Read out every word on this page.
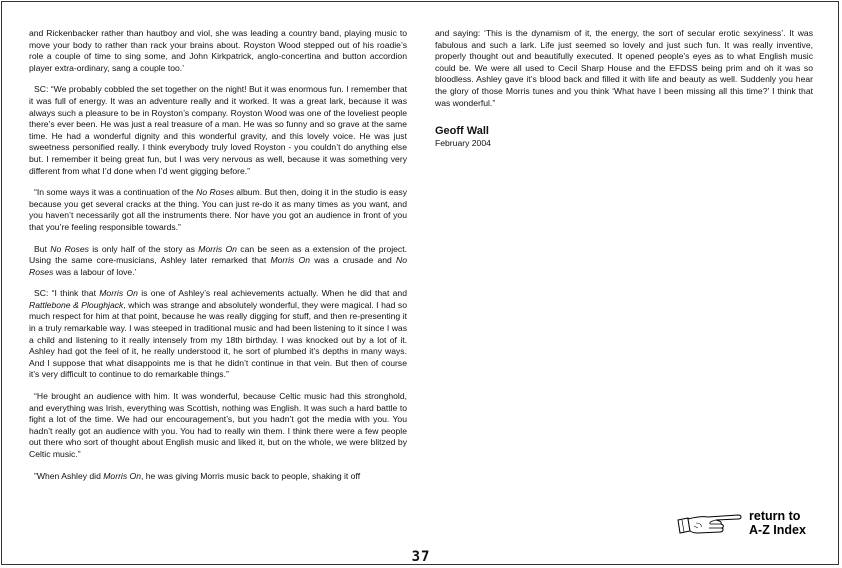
and Rickenbacker rather than hautboy and viol, she was leading a country band, playing music to move your body to rather than rack your brains about. Royston Wood stepped out of his roadie’s role a couple of time to sing some, and John Kirkpatrick, anglo-concertina and button accordion player extra-ordinary, sang a couple too.’

SC: “We probably cobbled the set together on the night! But it was enormous fun. I remember that it was full of energy. It was an adventure really and it worked. It was a great lark, because it was always such a pleasure to be in Royston’s company. Royston Wood was one of the loveliest people there’s ever been. He was just a real treasure of a man. He was so funny and so grave at the same time. He had a wonderful dignity and this wonderful gravity, and this lovely voice. He was just sweetness personified really. I think everybody truly loved Royston - you couldn’t do anything else but. I remember it being great fun, but I was very nervous as well, because it was something very different from what I’d done when I’d went gigging before.”

“In some ways it was a continuation of the No Roses album. But then, doing it in the studio is easy because you get several cracks at the thing. You can just re-do it as many times as you want, and you haven’t necessarily got all the instruments there. Nor have you got an audience in front of you that you’re feeling responsible towards.”

But No Roses is only half of the story as Morris On can be seen as a extension of the project. Using the same core-musicians, Ashley later remarked that Morris On was a crusade and No Roses was a labour of love.’

SC: “I think that Morris On is one of Ashley’s real achievements actually. When he did that and Rattlebone & Ploughjack, which was strange and absolutely wonderful, they were magical. I had so much respect for him at that point, because he was really digging for stuff, and then re-presenting it in a truly remarkable way. I was steeped in traditional music and had been listening to it since I was a child and listening to it really intensely from my 18th birthday. I was knocked out by a lot of it. Ashley had got the feel of it, he really understood it, he sort of plumbed it’s depths in many ways. And I suppose that what disappoints me is that he didn’t continue in that vein. But then of course it’s very difficult to continue to do remarkable things.”

“He brought an audience with him. It was wonderful, because Celtic music had this stronghold, and everything was Irish, everything was Scottish, nothing was English. It was such a hard battle to fight a lot of the time. We had our encouragement’s, but you hadn’t got the media with you. You hadn’t really got an audience with you. You had to really win them. I think there were a few people out there who sort of thought about English music and liked it, but on the whole, we were blitzed by Celtic music.”

”When Ashley did Morris On, he was giving Morris music back to people, shaking it off

and saying: ‘This is the dynamism of it, the energy, the sort of secular erotic sexyiness’. It was fabulous and such a lark. Life just seemed so lovely and just such fun. It was really inventive, properly thought out and beautifully executed. It opened people’s eyes as to what English music could be. We were all used to Cecil Sharp House and the EFDSS being prim and oh it was so bloodless. Ashley gave it’s blood back and filled it with life and beauty as well. Suddenly you hear the glory of those Morris tunes and you think ‘What have I been missing all this time?’ I think that was wonderful.”

Geoff Wall
February 2004
return to
A-Z Index
37
